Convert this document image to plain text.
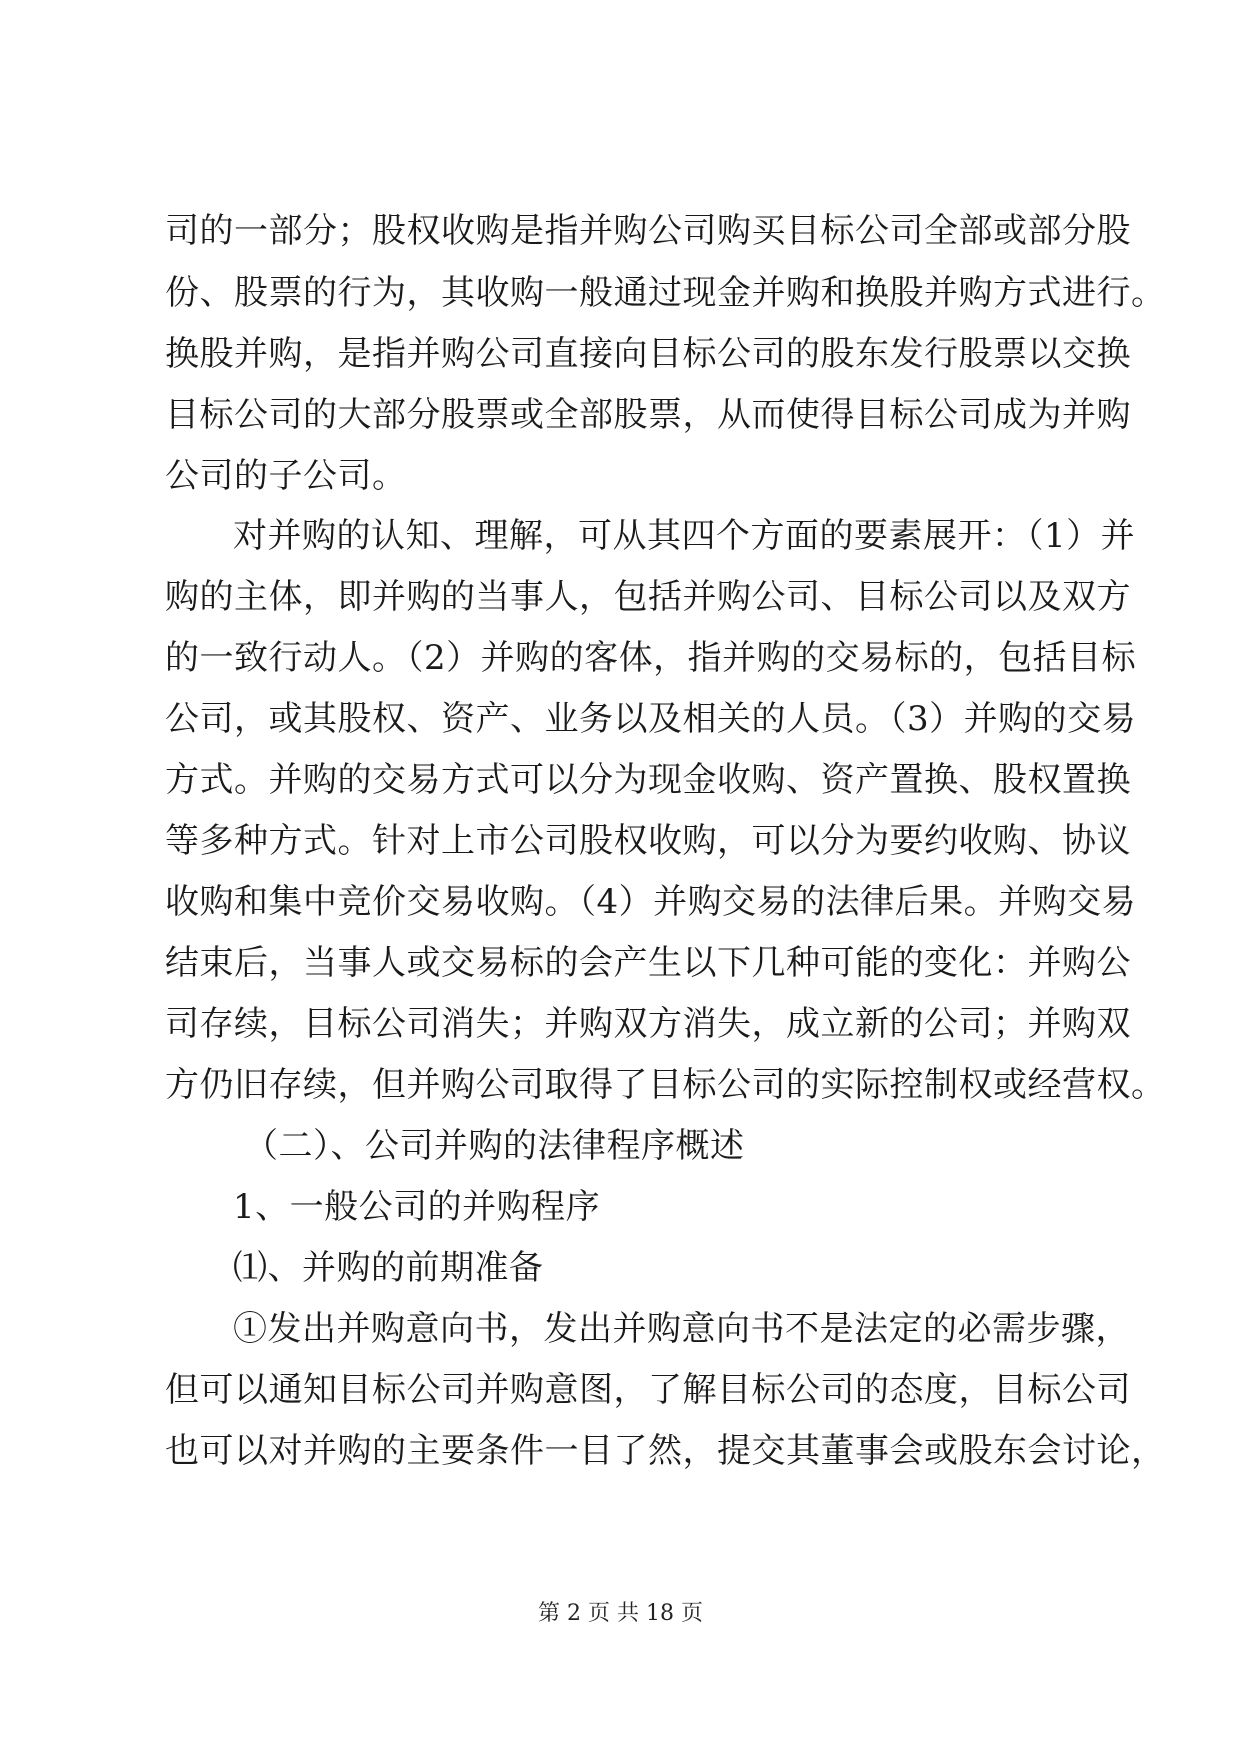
司的一部分；股权收购是指并购公司购买目标公司全部或部分股
份、股票的行为，其收购一般通过现金并购和换股并购方式进行。
换股并购，是指并购公司直接向目标公司的股东发行股票以交换
目标公司的大部分股票或全部股票，从而使得目标公司成为并购
公司的子公司。
对并购的认知、理解，可从其四个方面的要素展开：（1）并
购的主体，即并购的当事人，包括并购公司、目标公司以及双方
的一致行动人。（2）并购的客体，指并购的交易标的，包括目标
公司，或其股权、资产、业务以及相关的人员。（3）并购的交易
方式。并购的交易方式可以分为现金收购、资产置换、股权置换
等多种方式。针对上市公司股权收购，可以分为要约收购、协议
收购和集中竞价交易收购。（4）并购交易的法律后果。并购交易
结束后，当事人或交易标的会产生以下几种可能的变化：并购公
司存续，目标公司消失；并购双方消失，成立新的公司；并购双
方仍旧存续，但并购公司取得了目标公司的实际控制权或经营权。
（二）、公司并购的法律程序概述
1、一般公司的并购程序
⑴、并购的前期准备
①发出并购意向书，发出并购意向书不是法定的必需步骤，
但可以通知目标公司并购意图，了解目标公司的态度，目标公司
也可以对并购的主要条件一目了然，提交其董事会或股东会讨论，
第 2 页 共 18 页
